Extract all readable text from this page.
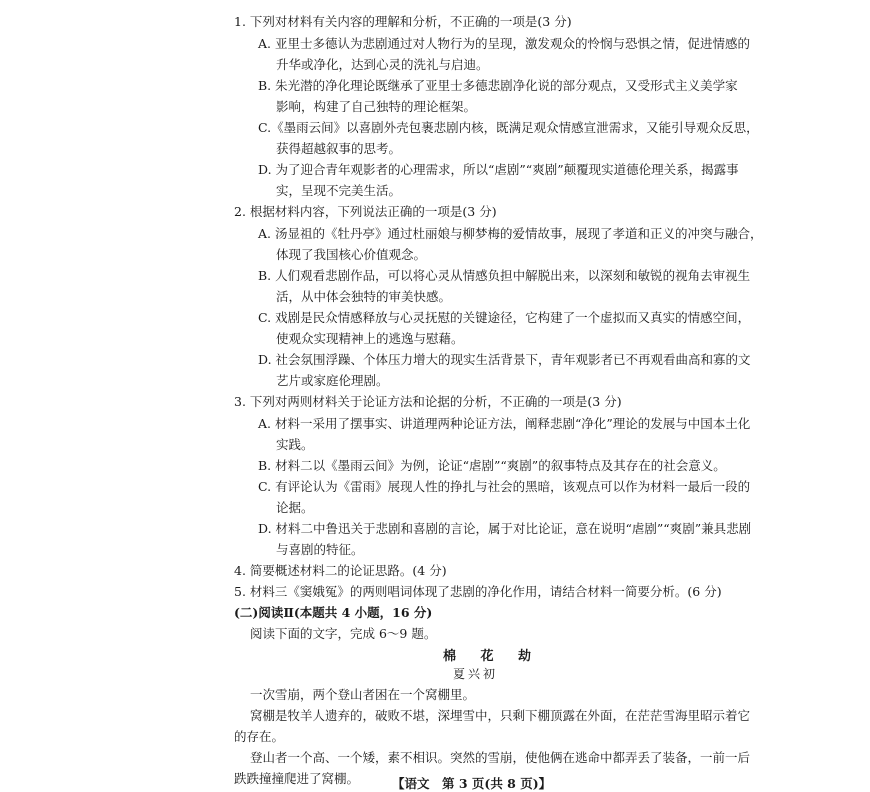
1. 下列对材料有关内容的理解和分析，不正确的一项是(3 分)
A. 亚里士多德认为悲剧通过对人物行为的呈现，激发观众的怜悯与恐惧之情，促进情感的
升华或净化，达到心灵的洗礼与启迪。
B. 朱光潜的净化理论既继承了亚里士多德悲剧净化说的部分观点，又受形式主义美学家
影响，构建了自己独特的理论框架。
C.《墨雨云间》以喜剧外壳包裹悲剧内核，既满足观众情感宣泄需求，又能引导观众反思，
获得超越叙事的思考。
D. 为了迎合青年观影者的心理需求，所以“虐剧”“爽剧”颠覆现实道德伦理关系，揭露事
实，呈现不完美生活。
2. 根据材料内容，下列说法正确的一项是(3 分)
A. 汤显祖的《牡丹亭》通过杜丽娘与柳梦梅的爱情故事，展现了孝道和正义的冲突与融合，
体现了我国核心价值观念。
B. 人们观看悲剧作品，可以将心灵从情感负担中解脱出来，以深刻和敏锐的视角去审视生
活，从中体会独特的审美快感。
C. 戏剧是民众情感释放与心灵抚慰的关键途径，它构建了一个虚拟而又真实的情感空间，
使观众实现精神上的逃逸与慰藉。
D. 社会氛围浮躁、个体压力增大的现实生活背景下，青年观影者已不再观看曲高和寡的文
艺片或家庭伦理剧。
3. 下列对两则材料关于论证方法和论据的分析，不正确的一项是(3 分)
A. 材料一采用了摆事实、讲道理两种论证方法，阐释悲剧“净化”理论的发展与中国本土化
实践。
B. 材料二以《墨雨云间》为例，论证“虐剧”“爽剧”的叙事特点及其存在的社会意义。
C. 有评论认为《雷雨》展现人性的挣扎与社会的黑暗，该观点可以作为材料一最后一段的
论据。
D. 材料二中鲁迅关于悲剧和喜剧的言论，属于对比论证，意在说明“虐剧”“爽剧”兼具悲剧
与喜剧的特征。
4. 简要概述材料二的论证思路。(4 分)
5. 材料三《窦娥冤》的两则唱词体现了悲剧的净化作用，请结合材料一简要分析。(6 分)
(二)阅读Ⅱ(本题共 4 小题，16 分)
阅读下面的文字，完成 6～9 题。
一次雪崩，两个登山者困在一个窝棚里。
窝棚是牧羊人遗弃的，破败不堪，深埋雪中，只剩下棚顶露在外面，在茫茫雪海里昭示着它
的存在。
登山者一个高、一个矮，素不相识。突然的雪崩，使他俩在逃命中都弄丢了装备，一前一后
跌跌撞撞爬进了窝棚。
棉 花 劫
夏兴初
【语文　第 3 页(共 8 页)】
